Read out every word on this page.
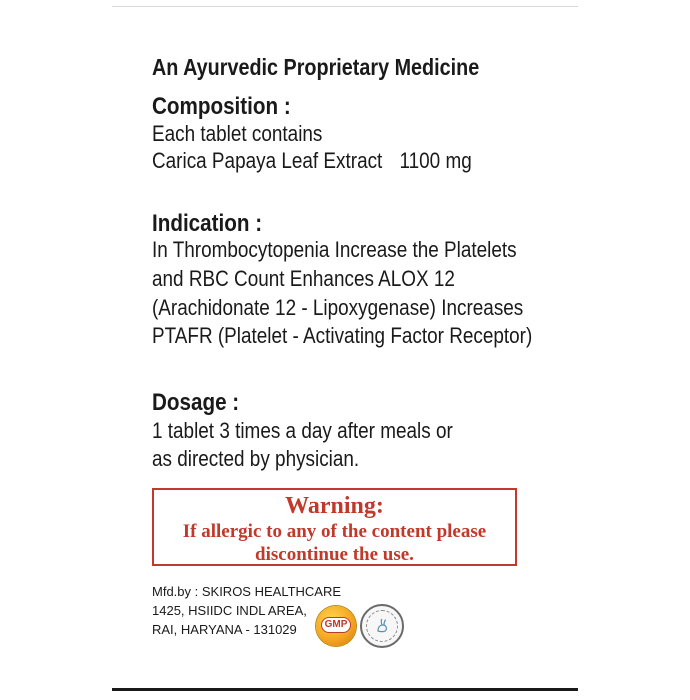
An Ayurvedic Proprietary Medicine
Composition :
Each tablet contains
Carica Papaya Leaf Extract 1100 mg
Indication :
In Thrombocytopenia Increase the Platelets
and RBC Count Enhances ALOX 12
(Arachidonate 12 - Lipoxygenase) Increases
PTAFR (Platelet - Activating Factor Receptor)
Dosage :
1 tablet 3 times a day after meals or
as directed by physician.
Warning:
If allergic to any of the content please
discontinue the use.
Mfd.by : SKIROS HEALTHCARE
1425, HSIIDC INDL AREA,
RAI, HARYANA - 131029	GMP
